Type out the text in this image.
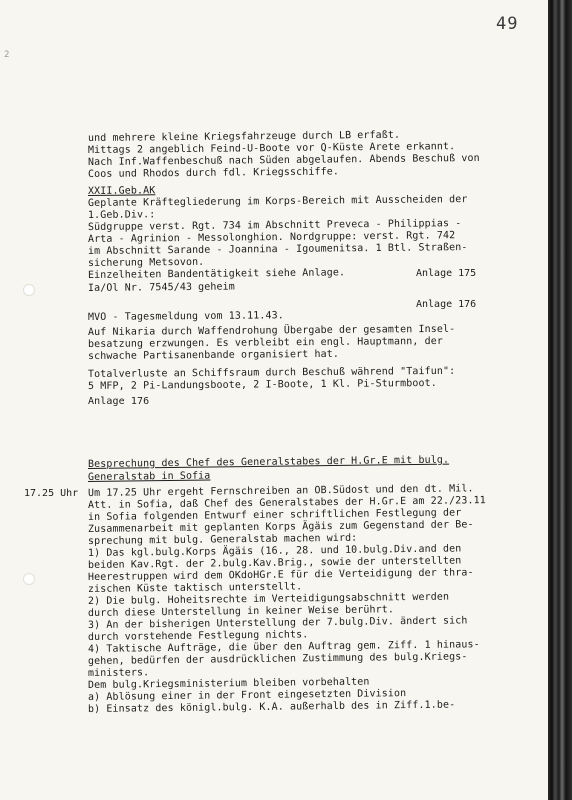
49
2
und mehrere kleine Kriegsfahrzeuge durch LB erfaßt.
Mittags 2 angeblich Feind-U-Boote vor Q-Küste Arete erkannt.
Nach Inf.Waffenbeschuß nach Süden abgelaufen. Abends Beschuß von
Coos und Rhodos durch fdl. Kriegsschiffe.
XXII.Geb.AK
Geplante Kräftegliederung im Korps-Bereich mit Ausscheiden der
1.Geb.Div.:
Südgruppe verst. Rgt. 734 im Abschnitt Preveca - Philippias -
Arta - Agrinion - Messolonghion. Nordgruppe: verst. Rgt. 742
im Abschnitt Sarande - Joannina - Igoumenitsa. 1 Btl. Straßen-
sicherung Metsovon.
Einzelheiten Bandentätigkeit siehe Anlage.
Ia/Ol Nr. 7545/43 geheim
Anlage 175
Anlage 176
MVO - Tagesmeldung vom 13.11.43.
Auf Nikaria durch Waffendrohung Übergabe der gesamten Insel-
besatzung erzwungen. Es verbleibt ein engl. Hauptmann, der
schwache Partisanenbande organisiert hat.
Totalverluste an Schiffsraum durch Beschuß während "Taifun":
5 MFP, 2 Pi-Landungsboote, 2 I-Boote, 1 Kl. Pi-Sturmboot.
Anlage 176
Besprechung des Chef des Generalstabes der H.Gr.E mit bulg.
Generalstab in Sofia
17.25 Uhr Um 17.25 Uhr ergeht Fernschreiben an OB.Südost und den dt. Mil.
Att. in Sofia, daß Chef des Generalstabes der H.Gr.E am 22./23.11
in Sofia folgenden Entwurf einer schriftlichen Festlegung der
Zusammenarbeit mit geplanten Korps Ägäis zum Gegenstand der Be-
sprechung mit bulg. Generalstab machen wird:
1) Das kgl.bulg.Korps Ägäis (16., 28. und 10.bulg.Div.and den
beiden Kav.Rgt. der 2.bulg.Kav.Brig., sowie der unterstellten
Heerestruppen wird dem OKdoHGr.E für die Verteidigung der thra-
zischen Küste taktisch unterstellt.
2) Die bulg. Hoheitsrechte im Verteidigungsabschnitt werden
durch diese Unterstellung in keiner Weise berührt.
3) An der bisherigen Unterstellung der 7.bulg.Div. ändert sich
durch vorstehende Festlegung nichts.
4) Taktische Aufträge, die über den Auftrag gem. Ziff. 1 hinaus-
gehen, bedürfen der ausdrücklichen Zustimmung des bulg.Kriegs-
ministers.
Dem bulg.Kriegsministerium bleiben vorbehalten
a) Ablösung einer in der Front eingesetzten Division
b) Einsatz des königl.bulg. K.A. außerhalb des in Ziff.1.be-
